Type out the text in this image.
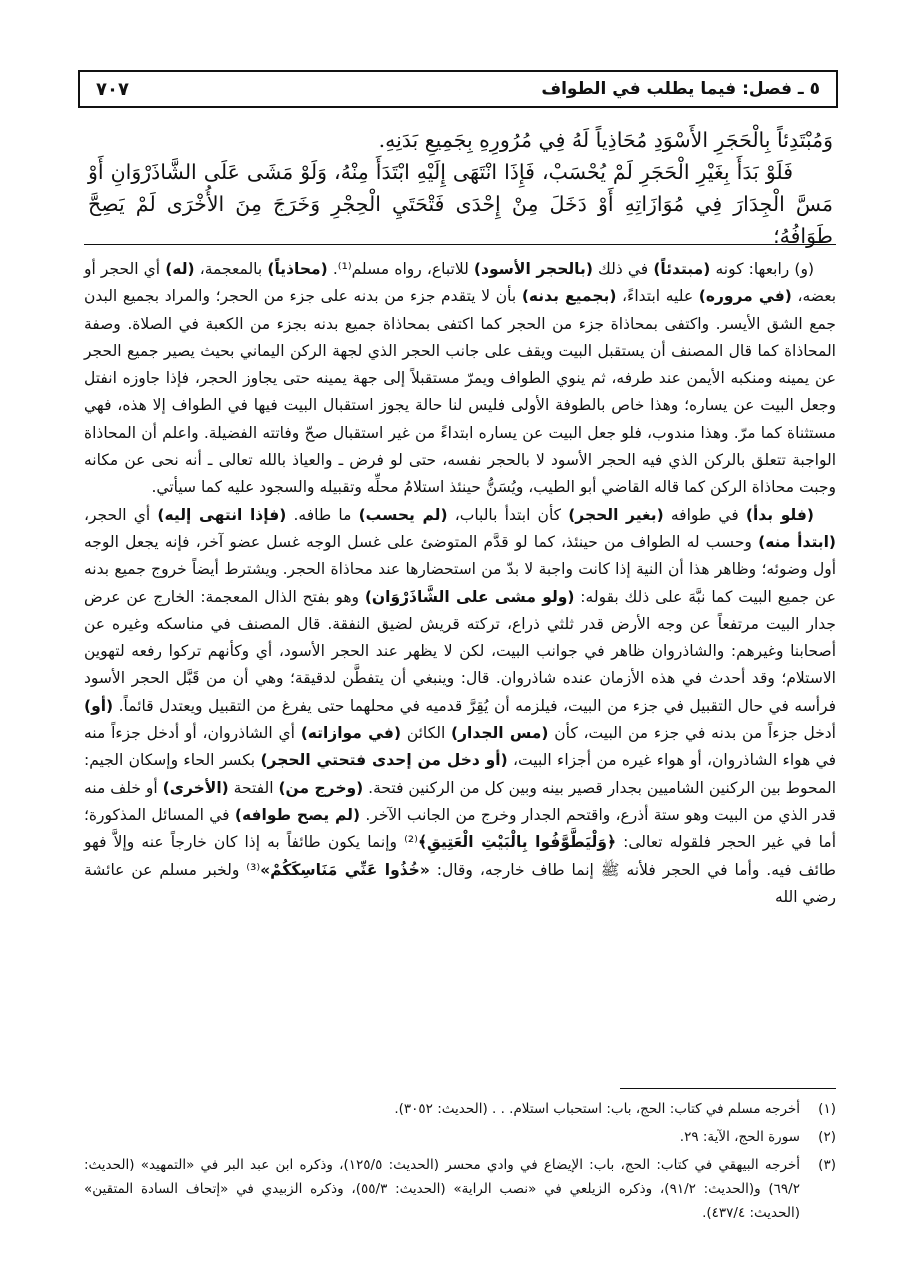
٧٠٧	٥ ـ فصل: فيما يطلب في الطواف

وَمُبْتَدِئاً بِالْحَجَرِ الأَسْوَدِ مُحَاذِياً لَهُ فِي مُرُورِهِ بِجَمِيعِ بَدَنِهِ.

فَلَوْ بَدَأَ بِغَيْرِ الْحَجَرِ لَمْ يُحْسَبْ، فَإِذَا انْتَهَى إِلَيْهِ ابْتَدَأَ مِنْهُ، وَلَوْ مَشَى عَلَى الشَّاذَرْوَانِ أَوْ مَسَّ الْجِدَارَ فِي مُوَازَاتِهِ أَوْ دَخَلَ مِنْ إِحْدَى فَتْحَتَيِ الْحِجْرِ وَخَرَجَ مِنَ الأُخْرَى لَمْ يَصِحَّ طَوَافُهُ؛

(و) رابعها: كونه (مبتدئاً) في ذلك (بالحجر الأسود) للاتباع، رواه مسلم⁽¹⁾. (محاذياً) بالمعجمة، (له) أي الحجر أو بعضه، (في مروره) عليه ابتداءً، (بجميع بدنه) بأن لا يتقدم جزء من بدنه على جزء من الحجر؛ والمراد بجميع البدن جمع الشق الأيسر. واكتفى بمحاذاة جزء من الحجر كما اكتفى بمحاذاة جميع بدنه بجزء من الكعبة في الصلاة. وصفة المحاذاة كما قال المصنف أن يستقبل البيت ويقف على جانب الحجر الذي لجهة الركن اليماني بحيث يصير جميع الحجر عن يمينه ومنكبه الأيمن عند طرفه، ثم ينوي الطواف ويمرّ مستقبلاً إلى جهة يمينه حتى يجاوز الحجر، فإذا جاوزه انفتل وجعل البيت عن يساره؛ وهذا خاص بالطوفة الأولى فليس لنا حالة يجوز استقبال البيت فيها في الطواف إلا هذه، فهي مستثناة كما مرّ. وهذا مندوب، فلو جعل البيت عن يساره ابتداءً من غير استقبال صحّ وفاتته الفضيلة. واعلم أن المحاذاة الواجبة تتعلق بالركن الذي فيه الحجر الأسود لا بالحجر نفسه، حتى لو فرض ـ والعياذ بالله تعالى ـ أنه نحى عن مكانه وجبت محاذاة الركن كما قاله القاضي أبو الطيب، ويُسَنُّ حينئذ استلامُ محلِّه وتقبيله والسجود عليه كما سيأتي.

(فلو بدأ) في طوافه (بغير الحجر) كأن ابتدأ بالباب، (لم يحسب) ما طافه. (فإذا انتهى إليه) أي الحجر، (ابتدأ منه) وحسب له الطواف من حينئذ، كما لو قدَّم المتوضئ على غسل الوجه غسل عضو آخر، فإنه يجعل الوجه أول وضوئه؛ وظاهر هذا أن النية إذا كانت واجبة لا بدّ من استحضارها عند محاذاة الحجر. ويشترط أيضاً خروج جميع بدنه عن جميع البيت كما نبَّهَ على ذلك بقوله: (ولو مشى على الشَّاذَرْوَان) وهو بفتح الذال المعجمة: الخارج عن عرض جدار البيت مرتفعاً عن وجه الأرض قدر ثلثي ذراع، تركته قريش لضيق النفقة. قال المصنف في مناسكه وغيره عن أصحابنا وغيرهم: والشاذروان ظاهر في جوانب البيت، لكن لا يظهر عند الحجر الأسود، أي وكأنهم تركوا رفعه لتهوين الاستلام؛ وقد أحدث في هذه الأزمان عنده شاذروان. قال: وينبغي أن يتفطَّن لدقيقة؛ وهي أن من قَبَّل الحجر الأسود فرأسه في حال التقبيل في جزء من البيت، فيلزمه أن يُقِرَّ قدميه في محلهما حتى يفرغ من التقبيل ويعتدل قائماً. (أو) أدخل جزءاً من بدنه في جزء من البيت، كأن (مس الجدار) الكائن (في موازاته) أي الشاذروان، أو أدخل جزءاً منه في هواء الشاذروان، أو هواء غيره من أجزاء البيت، (أو دخل من إحدى فتحتي الحجر) بكسر الحاء وإسكان الجيم: المحوط بين الركنين الشاميين بجدار قصير بينه وبين كل من الركنين فتحة. (وخرج من) الفتحة (الأخرى) أو خلف منه قدر الذي من البيت وهو ستة أذرع، واقتحم الجدار وخرج من الجانب الآخر. (لم يصح طوافه) في المسائل المذكورة؛ أما في غير الحجر فلقوله تعالى: ﴿وَلْيَطَّوَّفُوا بِالْبَيْتِ الْعَتِيقِ﴾⁽²⁾ وإنما يكون طائفاً به إذا كان خارجاً عنه وإلاَّ فهو طائف فيه. وأما في الحجر فلأنه ﷺ إنما طاف خارجه، وقال: «خُذُوا عَنِّي مَنَاسِكَكُمْ»⁽³⁾ ولخبر مسلم عن عائشة رضي الله

(١)
أخرجه مسلم في كتاب: الحج، باب: استحباب استلام. . . (الحديث: ٣٠٥٢).
(٢)
سورة الحج، الآية: ٢٩.
(٣)
أخرجه البيهقي في كتاب: الحج، باب: الإيضاع في وادي محسر (الحديث: ١٢٥/٥)، وذكره ابن عبد البر في «التمهيد» (الحديث: ٦٩/٢) و(الحديث: ٩١/٢)، وذكره الزيلعي في «نصب الراية» (الحديث: ٥٥/٣)، وذكره الزبيدي في «إتحاف السادة المتقين» (الحديث: ٤٣٧/٤).
